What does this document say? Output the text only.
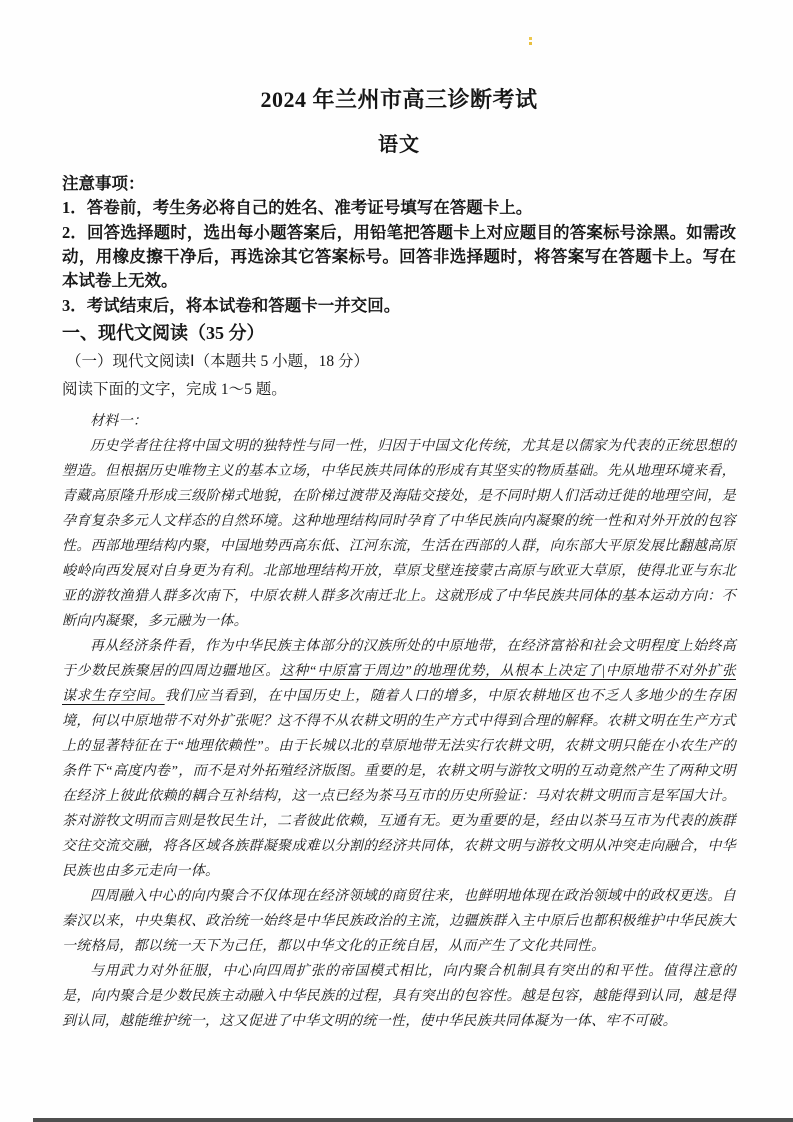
2024 年兰州市高三诊断考试
语文

注意事项：

1．答卷前，考生务必将自己的姓名、准考证号填写在答题卡上。

2．回答选择题时，选出每小题答案后，用铅笔把答题卡上对应题目的答案标号涂黑。如需改动，用橡皮擦干净后，再选涂其它答案标号。回答非选择题时，将答案写在答题卡上。写在本试卷上无效。

3．考试结束后，将本试卷和答题卡一并交回。

一、现代文阅读（35 分）

（一）现代文阅读Ⅰ（本题共 5 小题，18 分）

阅读下面的文字，完成 1～5 题。

材料一：

历史学者往往将中国文明的独特性与同一性，归因于中国文化传统，尤其是以儒家为代表的正统思想的塑造。但根据历史唯物主义的基本立场，中华民族共同体的形成有其坚实的物质基础。先从地理环境来看，青藏高原隆升形成三级阶梯式地貌，在阶梯过渡带及海陆交接处，是不同时期人们活动迁徙的地理空间，是孕育复杂多元人文样态的自然环境。这种地理结构同时孕育了中华民族向内凝聚的统一性和对外开放的包容性。西部地理结构内聚，中国地势西高东低、江河东流，生活在西部的人群，向东部大平原发展比翻越高原峻岭向西发展对自身更为有利。北部地理结构开放，草原戈壁连接蒙古高原与欧亚大草原，使得北亚与东北亚的游牧渔猎人群多次南下，中原农耕人群多次南迁北上。这就形成了中华民族共同体的基本运动方向：不断向内凝聚，多元融为一体。

再从经济条件看，作为中华民族主体部分的汉族所处的中原地带，在经济富裕和社会文明程度上始终高于少数民族聚居的四周边疆地区。这种“中原富于周边”的地理优势，从根本上决定了|中原地带不对外扩张谋求生存空间。我们应当看到，在中国历史上，随着人口的增多，中原农耕地区也不乏人多地少的生存困境，何以中原地带不对外扩张呢？这不得不从农耕文明的生产方式中得到合理的解释。农耕文明在生产方式上的显著特征在于“地理依赖性”。由于长城以北的草原地带无法实行农耕文明，农耕文明只能在小农生产的条件下“高度内卷”，而不是对外拓殖经济版图。重要的是，农耕文明与游牧文明的互动竟然产生了两种文明在经济上彼此依赖的耦合互补结构，这一点已经为茶马互市的历史所验证：马对农耕文明而言是军国大计。茶对游牧文明而言则是牧民生计，二者彼此依赖，互通有无。更为重要的是，经由以茶马互市为代表的族群交往交流交融，将各区域各族群凝聚成难以分割的经济共同体，农耕文明与游牧文明从冲突走向融合，中华民族也由多元走向一体。

四周融入中心的向内聚合不仅体现在经济领域的商贸往来，也鲜明地体现在政治领域中的政权更迭。自秦汉以来，中央集权、政治统一始终是中华民族政治的主流，边疆族群入主中原后也都积极维护中华民族大一统格局，都以统一天下为己任，都以中华文化的正统自居，从而产生了文化共同性。

与用武力对外征服，中心向四周扩张的帝国模式相比，向内聚合机制具有突出的和平性。值得注意的是，向内聚合是少数民族主动融入中华民族的过程，具有突出的包容性。越是包容，越能得到认同，越是得到认同，越能维护统一，这又促进了中华文明的统一性，使中华民族共同体凝为一体、牢不可破。
